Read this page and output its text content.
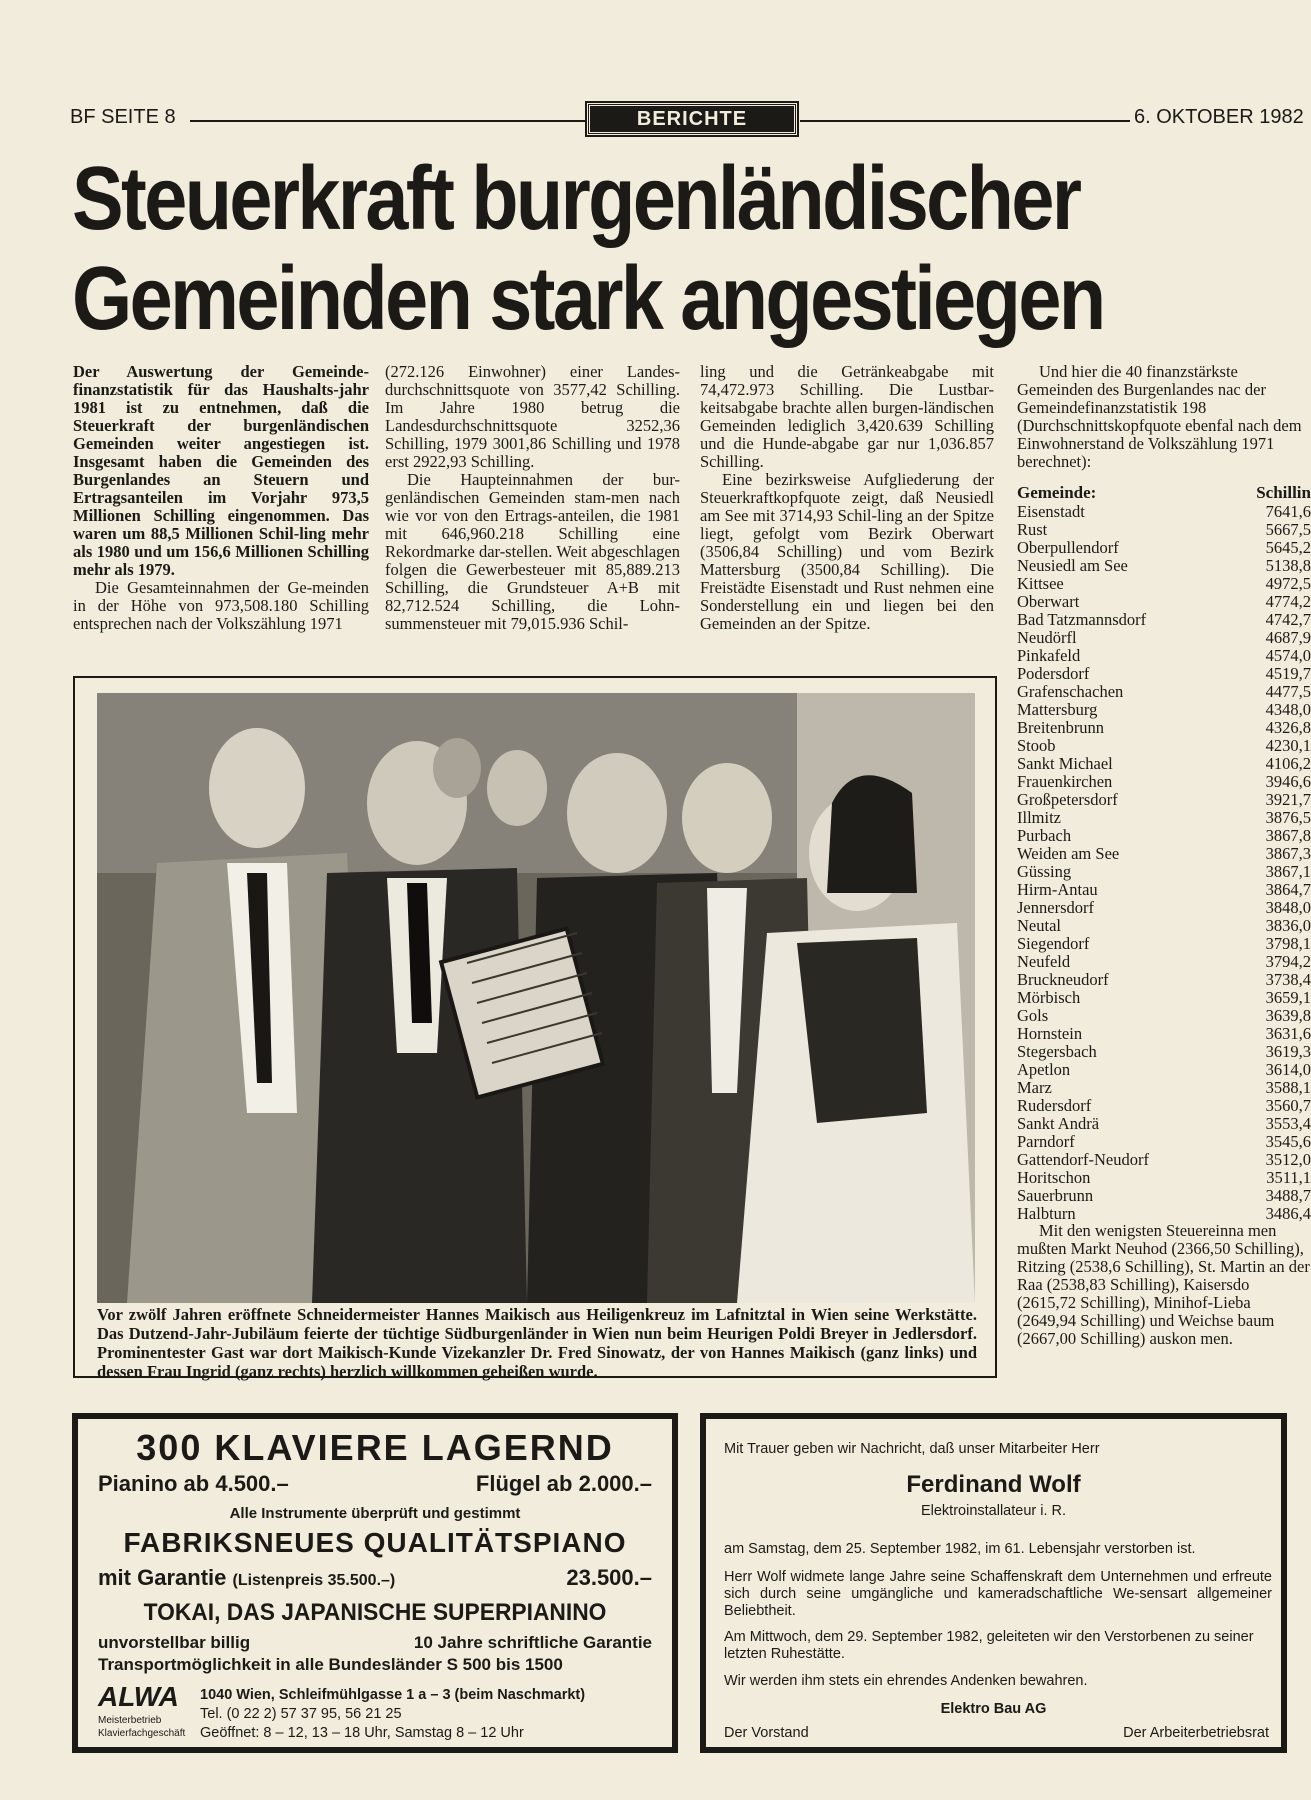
BF SEITE 8	BERICHTE	6. OKTOBER 1982
Steuerkraft burgenländischer
Gemeinden stark angestiegen

Der Auswertung der Gemeinde-finanzstatistik für das Haushalts-jahr 1981 ist zu entnehmen, daß die Steuerkraft der burgenländischen Gemeinden weiter angestiegen ist. Insgesamt haben die Gemeinden des Burgenlandes an Steuern und Ertragsanteilen im Vorjahr 973,5 Millionen Schilling eingenommen. Das waren um 88,5 Millionen Schil-ling mehr als 1980 und um 156,6 Millionen Schilling mehr als 1979.

Die Gesamteinnahmen der Ge-meinden in der Höhe von 973,508.180 Schilling entsprechen nach der Volkszählung 1971

(272.126 Einwohner) einer Landes-durchschnittsquote von 3577,42 Schilling. Im Jahre 1980 betrug die Landesdurchschnittsquote 3252,36 Schilling, 1979 3001,86 Schilling und 1978 erst 2922,93 Schilling.

Die Haupteinnahmen der bur-genländischen Gemeinden stam-men nach wie vor von den Ertrags-anteilen, die 1981 mit 646,960.218 Schilling eine Rekordmarke dar-stellen. Weit abgeschlagen folgen die Gewerbesteuer mit 85,889.213 Schilling, die Grundsteuer A+B mit 82,712.524 Schilling, die Lohn-summensteuer mit 79,015.936 Schil-

ling und die Getränkeabgabe mit 74,472.973 Schilling. Die Lustbar-keitsabgabe brachte allen burgen-ländischen Gemeinden lediglich 3,420.639 Schilling und die Hunde-abgabe gar nur 1,036.857 Schilling.

Eine bezirksweise Aufgliederung der Steuerkraftkopfquote zeigt, daß Neusiedl am See mit 3714,93 Schil-ling an der Spitze liegt, gefolgt vom Bezirk Oberwart (3506,84 Schilling) und vom Bezirk Mattersburg (3500,84 Schilling). Die Freistädte Eisenstadt und Rust nehmen eine Sonderstellung ein und liegen bei den Gemeinden an der Spitze.

Und hier die 40 finanzstärkste Gemeinden des Burgenlandes nac der Gemeindefinanzstatistik 198 (Durchschnittskopfquote ebenfal nach dem Einwohnerstand de Volkszählung 1971 berechnet):

Gemeinde:	Schillin
Eisenstadt	7641,6
Rust	5667,5
Oberpullendorf	5645,2
Neusiedl am See	5138,8
Kittsee	4972,5
Oberwart	4774,2
Bad Tatzmannsdorf	4742,7
Neudörfl	4687,9
Pinkafeld	4574,0
Podersdorf	4519,7
Grafenschachen	4477,5
Mattersburg	4348,0
Breitenbrunn	4326,8
Stoob	4230,1
Sankt Michael	4106,2
Frauenkirchen	3946,6
Großpetersdorf	3921,7
Illmitz	3876,5
Purbach	3867,8
Weiden am See	3867,3
Güssing	3867,1
Hirm-Antau	3864,7
Jennersdorf	3848,0
Neutal	3836,0
Siegendorf	3798,1
Neufeld	3794,2
Bruckneudorf	3738,4
Mörbisch	3659,1
Gols	3639,8
Hornstein	3631,6
Stegersbach	3619,3
Apetlon	3614,0
Marz	3588,1
Rudersdorf	3560,7
Sankt Andrä	3553,4
Parndorf	3545,6
Gattendorf-Neudorf	3512,0
Horitschon	3511,1
Sauerbrunn	3488,7
Halbturn	3486,4

Mit den wenigsten Steuereinna men mußten Markt Neuhod (2366,50 Schilling), Ritzing (2538,6 Schilling), St. Martin an der Raa (2538,83 Schilling), Kaisersdo (2615,72 Schilling), Minihof-Lieba (2649,94 Schilling) und Weichse baum (2667,00 Schilling) auskon men.

Vor zwölf Jahren eröffnete Schneidermeister Hannes Maikisch aus Heiligenkreuz im Lafnitztal in Wien seine Werkstätte. Das Dutzend-Jahr-Jubiläum feierte der tüchtige Südburgenländer in Wien nun beim Heurigen Poldi Breyer in Jedlersdorf. Prominentester Gast war dort Maikisch-Kunde Vizekanzler Dr. Fred Sinowatz, der von Hannes Maikisch (ganz links) und dessen Frau Ingrid (ganz rechts) herzlich willkommen geheißen wurde.
300 KLAVIERE LAGERND
Pianino ab 4.500.–	Flügel ab 2.000.–
Alle Instrumente überprüft und gestimmt
FABRIKSNEUES QUALITÄTSPIANO
mit Garantie (Listenpreis 35.500.–)	23.500.–
TOKAI, DAS JAPANISCHE SUPERPIANINO
unvorstellbar billig	10 Jahre schriftliche Garantie
Transportmöglichkeit in alle Bundesländer S 500 bis 1500
ALWA
Meisterbetrieb
Klavierfachgeschäft
1040 Wien, Schleifmühlgasse 1 a – 3 (beim Naschmarkt)
Tel. (0 22 2) 57 37 95, 56 21 25
Geöffnet: 8 – 12, 13 – 18 Uhr, Samstag 8 – 12 Uhr
Mit Trauer geben wir Nachricht, daß unser Mitarbeiter Herr
Ferdinand Wolf
Elektroinstallateur i. R.
am Samstag, dem 25. September 1982, im 61. Lebensjahr verstorben ist.
Herr Wolf widmete lange Jahre seine Schaffenskraft dem Unternehmen und erfreute sich durch seine umgängliche und kameradschaftliche We-sensart allgemeiner Beliebtheit.
Am Mittwoch, dem 29. September 1982, geleiteten wir den Verstorbenen zu seiner letzten Ruhestätte.
Wir werden ihm stets ein ehrendes Andenken bewahren.
Elektro Bau AG
Der Vorstand	Der Arbeiterbetriebsrat
